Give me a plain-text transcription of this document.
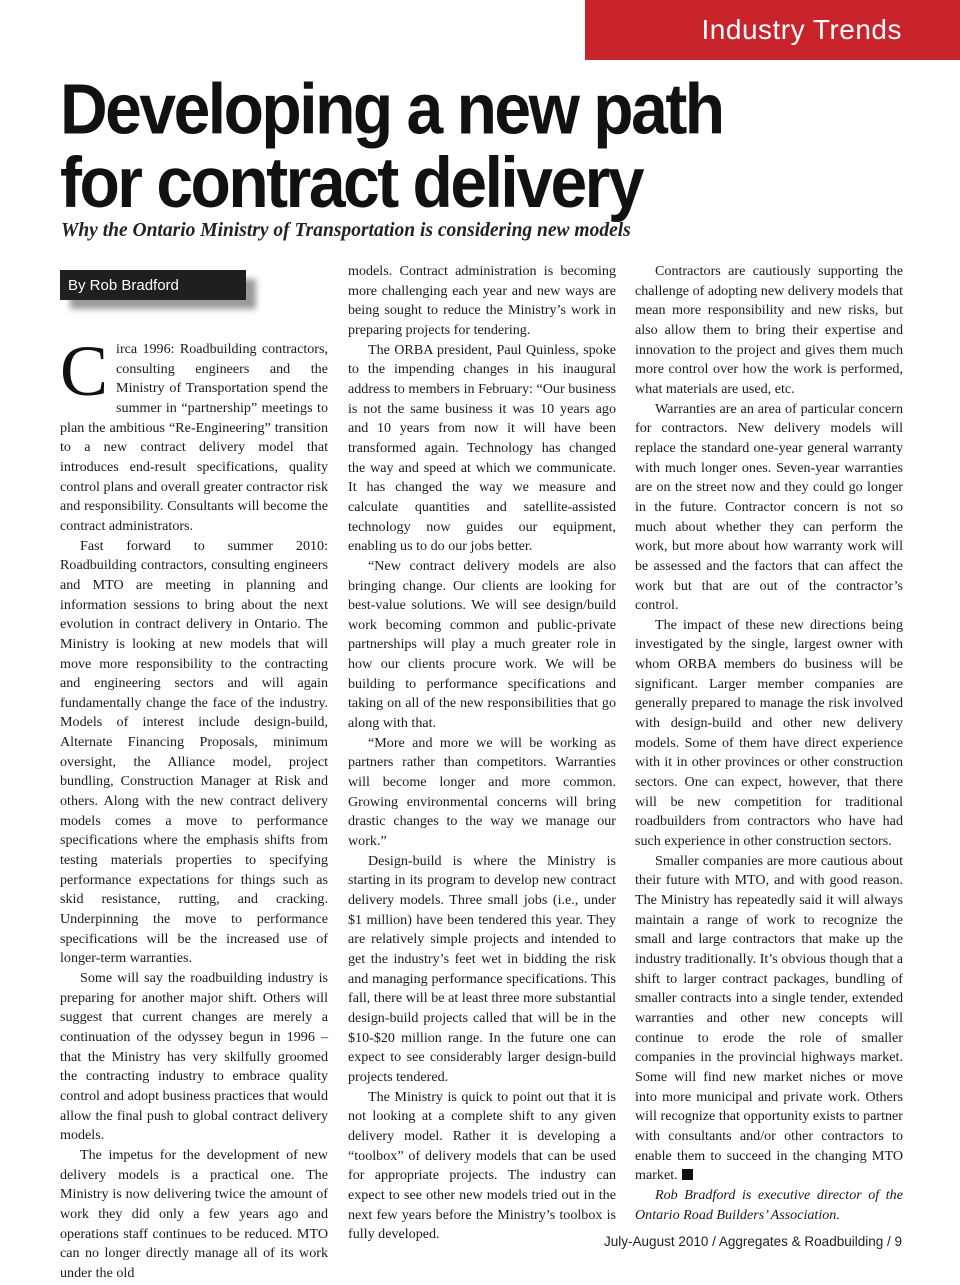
Industry Trends
Developing a new path
for contract delivery
Why the Ontario Ministry of Transportation is considering new models
By Rob Bradford

Circa 1996: Roadbuilding contractors, consulting engineers and the Ministry of Transportation spend the summer in “partnership” meetings to plan the ambitious “Re-Engineering” transition to a new contract delivery model that introduces end-result specifications, quality control plans and overall greater contractor risk and responsibility. Consultants will become the contract administrators.

Fast forward to summer 2010: Roadbuilding contractors, consulting engineers and MTO are meeting in planning and information sessions to bring about the next evolution in contract delivery in Ontario. The Ministry is looking at new models that will move more responsibility to the contracting and engineering sectors and will again fundamentally change the face of the industry. Models of interest include design-build, Alternate Financing Proposals, minimum oversight, the Alliance model, project bundling, Construction Manager at Risk and others. Along with the new contract delivery models comes a move to performance specifications where the emphasis shifts from testing materials properties to specifying performance expectations for things such as skid resistance, rutting, and cracking. Underpinning the move to performance specifications will be the increased use of longer-term warranties.

Some will say the roadbuilding industry is preparing for another major shift. Others will suggest that current changes are merely a continuation of the odyssey begun in 1996 – that the Ministry has very skilfully groomed the contracting industry to embrace quality control and adopt business practices that would allow the final push to global contract delivery models.

The impetus for the development of new delivery models is a practical one. The Ministry is now delivering twice the amount of work they did only a few years ago and operations staff continues to be reduced. MTO can no longer directly manage all of its work under the old

models. Contract administration is becoming more challenging each year and new ways are being sought to reduce the Ministry’s work in preparing projects for tendering.

The ORBA president, Paul Quinless, spoke to the impending changes in his inaugural address to members in February: “Our business is not the same business it was 10 years ago and 10 years from now it will have been transformed again. Technology has changed the way and speed at which we communicate. It has changed the way we measure and calculate quantities and satellite-assisted technology now guides our equipment, enabling us to do our jobs better.

“New contract delivery models are also bringing change. Our clients are looking for best-value solutions. We will see design/build work becoming common and public-private partnerships will play a much greater role in how our clients procure work. We will be building to performance specifications and taking on all of the new responsibilities that go along with that.

“More and more we will be working as partners rather than competitors. Warranties will become longer and more common. Growing environmental concerns will bring drastic changes to the way we manage our work.”

Design-build is where the Ministry is starting in its program to develop new contract delivery models. Three small jobs (i.e., under $1 million) have been tendered this year. They are relatively simple projects and intended to get the industry’s feet wet in bidding the risk and managing performance specifications. This fall, there will be at least three more substantial design-build projects called that will be in the $10-$20 million range. In the future one can expect to see considerably larger design-build projects tendered.

The Ministry is quick to point out that it is not looking at a complete shift to any given delivery model. Rather it is developing a “toolbox” of delivery models that can be used for appropriate projects. The industry can expect to see other new models tried out in the next few years before the Ministry’s toolbox is fully developed.

Contractors are cautiously supporting the challenge of adopting new delivery models that mean more responsibility and new risks, but also allow them to bring their expertise and innovation to the project and gives them much more control over how the work is performed, what materials are used, etc.

Warranties are an area of particular concern for contractors. New delivery models will replace the standard one-year general warranty with much longer ones. Seven-year warranties are on the street now and they could go longer in the future. Contractor concern is not so much about whether they can perform the work, but more about how warranty work will be assessed and the factors that can affect the work but that are out of the contractor’s control.

The impact of these new directions being investigated by the single, largest owner with whom ORBA members do business will be significant. Larger member companies are generally prepared to manage the risk involved with design-build and other new delivery models. Some of them have direct experience with it in other provinces or other construction sectors. One can expect, however, that there will be new competition for traditional roadbuilders from contractors who have had such experience in other construction sectors.

Smaller companies are more cautious about their future with MTO, and with good reason. The Ministry has repeatedly said it will always maintain a range of work to recognize the small and large contractors that make up the industry traditionally. It’s obvious though that a shift to larger contract packages, bundling of smaller contracts into a single tender, extended warranties and other new concepts will continue to erode the role of smaller companies in the provincial highways market. Some will find new market niches or move into more municipal and private work. Others will recognize that opportunity exists to partner with consultants and/or other contractors to enable them to succeed in the changing MTO market.

Rob Bradford is executive director of the Ontario Road Builders’ Association.

July-August 2010 / Aggregates & Roadbuilding / 9
